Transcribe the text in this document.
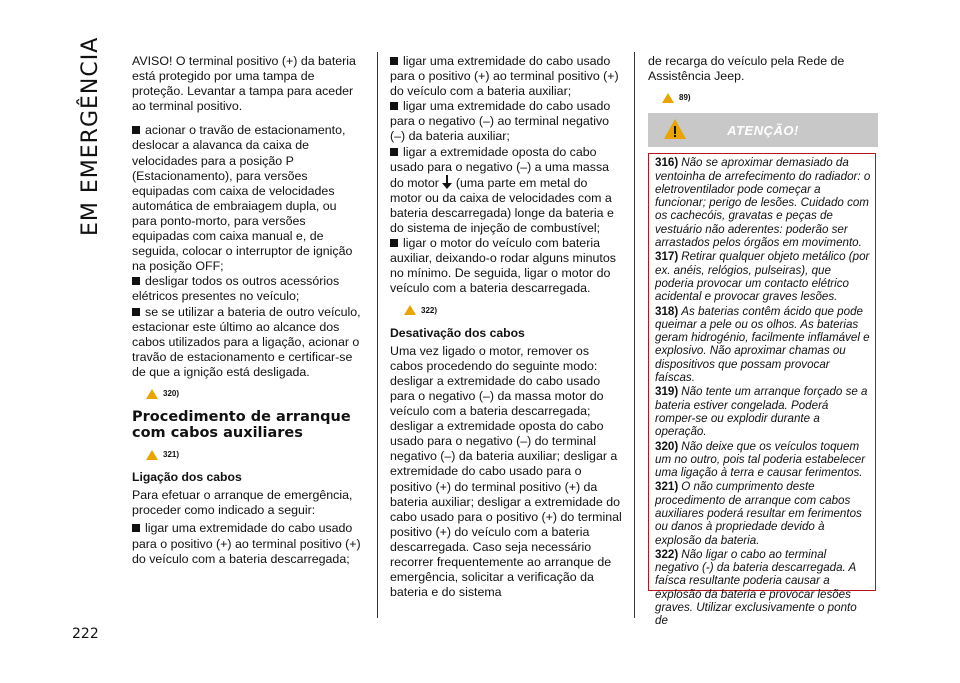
EM EMERGÊNCIA
222

AVISO! O terminal positivo (+) da bateria está protegido por uma tampa de proteção. Levantar a tampa para aceder ao terminal positivo.

acionar o travão de estacionamento, deslocar a alavanca da caixa de velocidades para a posição P (Estacionamento), para versões equipadas com caixa de velocidades automática de embraiagem dupla, ou para ponto-morto, para versões equipadas com caixa manual e, de seguida, colocar o interruptor de ignição na posição OFF;
desligar todos os outros acessórios elétricos presentes no veículo;
se se utilizar a bateria de outro veículo, estacionar este último ao alcance dos cabos utilizados para a ligação, acionar o travão de estacionamento e certificar-se de que a ignição está desligada.
320)
Procedimento de arranque com cabos auxiliares
321)
Ligação dos cabos

Para efetuar o arranque de emergência, proceder como indicado a seguir:

ligar uma extremidade do cabo usado para o positivo (+) ao terminal positivo (+) do veículo com a bateria descarregada;
ligar uma extremidade do cabo usado para o positivo (+) ao terminal positivo (+) do veículo com a bateria auxiliar;
ligar uma extremidade do cabo usado para o negativo (–) ao terminal negativo (–) da bateria auxiliar;
ligar a extremidade oposta do cabo usado para o negativo (–) a uma massa do motor (uma parte em metal do motor ou da caixa de velocidades com a bateria descarregada) longe da bateria e do sistema de injeção de combustível;
ligar o motor do veículo com bateria auxiliar, deixando-o rodar alguns minutos no mínimo. De seguida, ligar o motor do veículo com a bateria descarregada.
322)
Desativação dos cabos

Uma vez ligado o motor, remover os cabos procedendo do seguinte modo: desligar a extremidade do cabo usado para o negativo (–) da massa motor do veículo com a bateria descarregada; desligar a extremidade oposta do cabo usado para o negativo (–) do terminal negativo (–) da bateria auxiliar; desligar a extremidade do cabo usado para o positivo (+) do terminal positivo (+) da bateria auxiliar; desligar a extremidade do cabo usado para o positivo (+) do terminal positivo (+) do veículo com a bateria descarregada. Caso seja necessário recorrer frequentemente ao arranque de emergência, solicitar a verificação da bateria e do sistema

de recarga do veículo pela Rede de Assistência Jeep.

89)
ATENÇÃO!
316) Não se aproximar demasiado da ventoinha de arrefecimento do radiador: o eletroventilador pode começar a funcionar; perigo de lesões. Cuidado com os cachecóis, gravatas e peças de vestuário não aderentes: poderão ser arrastados pelos órgãos em movimento.
317) Retirar qualquer objeto metálico (por ex. anéis, relógios, pulseiras), que poderia provocar um contacto elétrico acidental e provocar graves lesões.
318) As baterias contêm ácido que pode queimar a pele ou os olhos. As baterias geram hidrogénio, facilmente inflamável e explosivo. Não aproximar chamas ou dispositivos que possam provocar faíscas.
319) Não tente um arranque forçado se a bateria estiver congelada. Poderá romper-se ou explodir durante a operação.
320) Não deixe que os veículos toquem um no outro, pois tal poderia estabelecer uma ligação à terra e causar ferimentos.
321) O não cumprimento deste procedimento de arranque com cabos auxiliares poderá resultar em ferimentos ou danos à propriedade devido à explosão da bateria.
322) Não ligar o cabo ao terminal negativo (-) da bateria descarregada. A faísca resultante poderia causar a explosão da bateria e provocar lesões graves. Utilizar exclusivamente o ponto de
